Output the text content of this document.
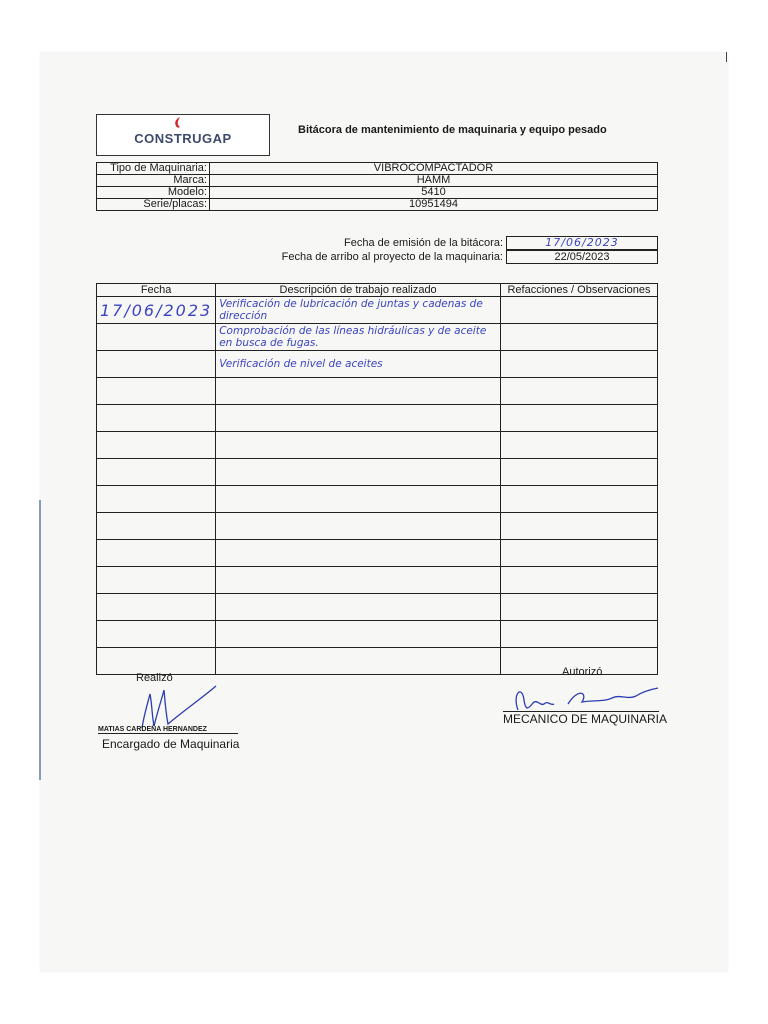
CONSTRUGAP
Bitácora de mantenimiento de maquinaria y equipo pesado
Tipo de Maquinaria:	VIBROCOMPACTADOR
Marca:	HAMM
Modelo:	5410
Serie/placas:	10951494
Fecha de emisión de la bitácora:	17/06/2023
Fecha de arribo al proyecto de la maquinaria:	22/05/2023
Fecha	Descripción de trabajo realizado	Refacciones / Observaciones
17/06/2023	Verificación de lubricación de juntas y cadenas de dirección	
	Comprobación de las líneas hidráulicas y de aceite en busca de fugas.	
	Verificación de nivel de aceites	

Realizó
MATIAS CARDEÑA HERNANDEZ
Encargado de Maquinaria
Autorizó
MECANICO DE MAQUINARIA
